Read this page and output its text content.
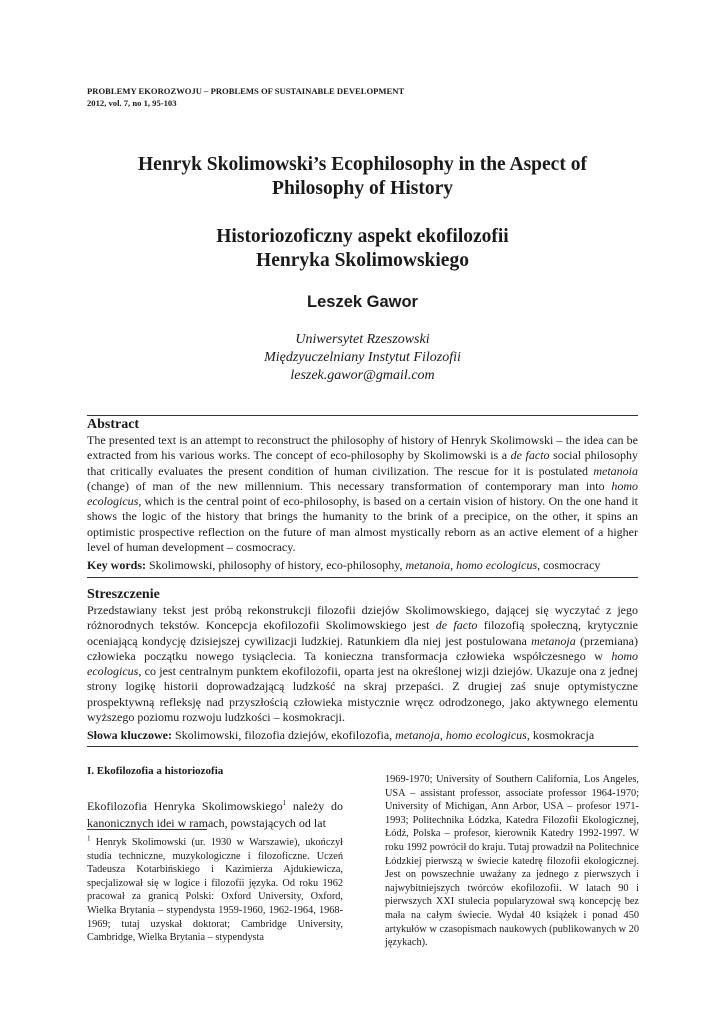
PROBLEMY EKOROZWOJU – PROBLEMS OF SUSTAINABLE DEVELOPMENT
2012, vol. 7, no 1, 95-103
Henryk Skolimowski’s Ecophilosophy in the Aspect of
Philosophy of History
Historiozoficzny aspekt ekofilozofii
Henryka Skolimowskiego
Leszek Gawor
Uniwersytet Rzeszowski
Międzyuczelniany Instytut Filozofii
leszek.gawor@gmail.com
Abstract
The presented text is an attempt to reconstruct the philosophy of history of Henryk Skolimowski – the idea can be extracted from his various works. The concept of eco-philosophy by Skolimowski is a de facto social philosophy that critically evaluates the present condition of human civilization. The rescue for it is postulated metanoia (change) of man of the new millennium. This necessary transformation of contemporary man into homo ecologicus, which is the central point of eco-philosophy, is based on a certain vision of history. On the one hand it shows the logic of the history that brings the humanity to the brink of a precipice, on the other, it spins an optimistic prospective reflection on the future of man almost mystically reborn as an active element of a higher level of human development – cosmocracy.
Key words: Skolimowski, philosophy of history, eco-philosophy, metanoia, homo ecologicus, cosmocracy
Streszczenie
Przedstawiany tekst jest próbą rekonstrukcji filozofii dziejów Skolimowskiego, dającej się wyczytać z jego różnorodnych tekstów. Koncepcja ekofilozofii Skolimowskiego jest de facto filozofią społeczną, krytycznie oceniającą kondycję dzisiejszej cywilizacji ludzkiej. Ratunkiem dla niej jest postulowana metanoja (przemiana) człowieka początku nowego tysiąclecia. Ta konieczna transformacja człowieka współczesnego w homo ecologicus, co jest centralnym punktem ekofilozofii, oparta jest na określonej wizji dziejów. Ukazuje ona z jednej strony logikę historii doprowadzającą ludzkość na skraj przepaści. Z drugiej zaś snuje optymistyczne prospektywną refleksję nad przyszłością człowieka mistycznie wręcz odrodzonego, jako aktywnego elementu wyższego poziomu rozwoju ludzkości – kosmokracji.
Słowa kluczowe: Skolimowski, filozofia dziejów, ekofilozofia, metanoja, homo ecologicus, kosmokracja
I. Ekofilozofia a historiozofia
Ekofilozofia Henryka Skolimowskiego$^1$ należy do kanonicznych idei w ramach, powstających od lat
$^1$ Henryk Skolimowski (ur. 1930 w Warszawie), ukończył studia techniczne, muzykologiczne i filozoficzne. Uczeń Tadeusza Kotarbińskiego i Kazimierza Ajdukiewicza, specjalizował się w logice i filozofii języka. Od roku 1962 pracował za granicą Polski: Oxford University, Oxford, Wielka Brytania – stypendysta 1959-1960, 1962-1964, 1968-1969; tutaj uzyskał doktorat; Cambridge University, Cambridge, Wielka Brytania – stypendysta
1969-1970; University of Southern California, Los Angeles, USA – assistant professor, associate professor 1964-1970; University of Michigan, Ann Arbor, USA – profesor 1971-1993; Politechnika Łódzka, Katedra Filozofii Ekologicznej, Łódź, Polska – profesor, kierownik Katedry 1992-1997. W roku 1992 powrócił do kraju. Tutaj prowadził na Politechnice Łódzkiej pierwszą w świecie katedrę filozofii ekologicznej. Jest on powszechnie uważany za jednego z pierwszych i najwybitniejszych twórców ekofilozofii. W latach 90 i pierwszych XXI stulecia popularyzował swą koncepcję bez mała na całym świecie. Wydał 40 książek i ponad 450 artykułów w czasopismach naukowych (publikowanych w 20 językach).
